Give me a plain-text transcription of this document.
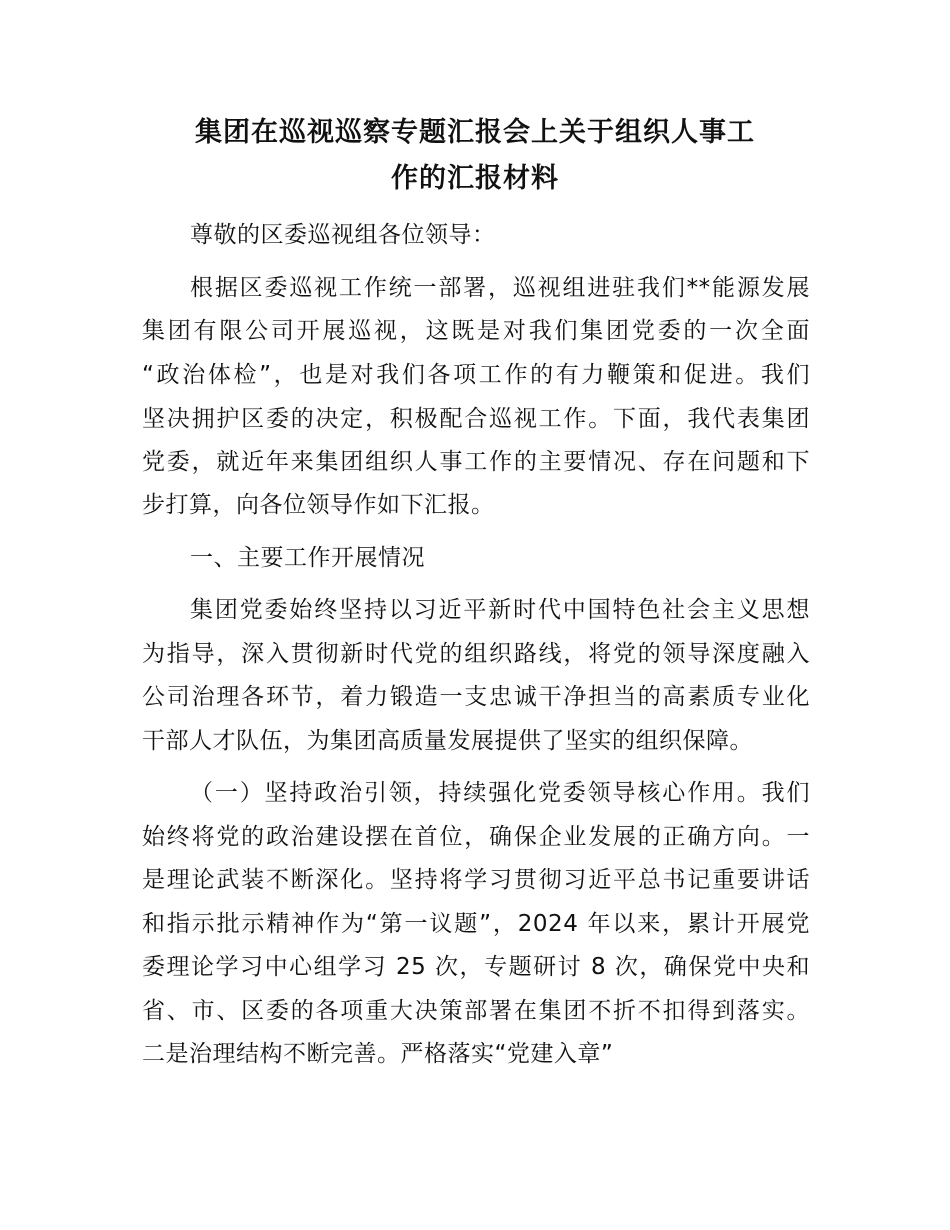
集团在巡视巡察专题汇报会上关于组织人事工
作的汇报材料
尊敬的区委巡视组各位领导：
根据区委巡视工作统一部署，巡视组进驻我们**能源发展
集团有限公司开展巡视，这既是对我们集团党委的一次全面
“政治体检”，也是对我们各项工作的有力鞭策和促进。我们
坚决拥护区委的决定，积极配合巡视工作。下面，我代表集团
党委，就近年来集团组织人事工作的主要情况、存在问题和下
步打算，向各位领导作如下汇报。
一、主要工作开展情况
集团党委始终坚持以习近平新时代中国特色社会主义思想
为指导，深入贯彻新时代党的组织路线，将党的领导深度融入
公司治理各环节，着力锻造一支忠诚干净担当的高素质专业化
干部人才队伍，为集团高质量发展提供了坚实的组织保障。
（一）坚持政治引领，持续强化党委领导核心作用。我们
始终将党的政治建设摆在首位，确保企业发展的正确方向。一
是理论武装不断深化。坚持将学习贯彻习近平总书记重要讲话
和指示批示精神作为“第一议题”，2024 年以来，累计开展党
委理论学习中心组学习 25 次，专题研讨 8 次，确保党中央和
省、市、区委的各项重大决策部署在集团不折不扣得到落实。
二是治理结构不断完善。严格落实“党建入章”
